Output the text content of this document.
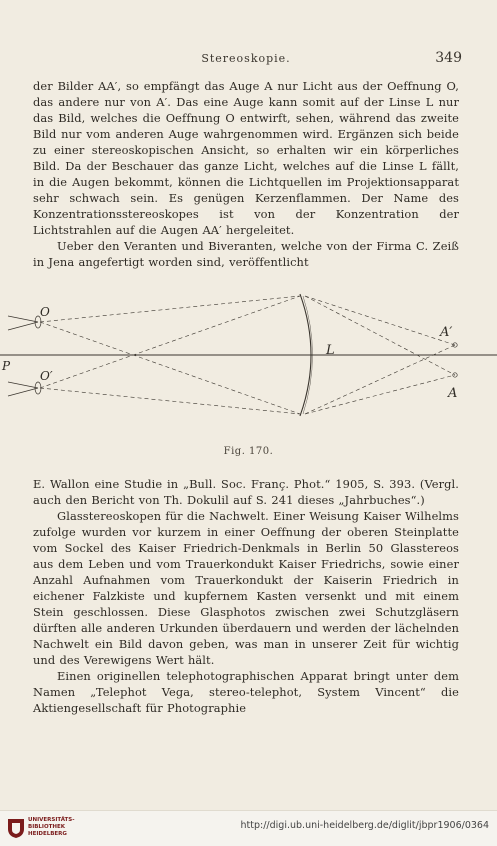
Stereoskopie.	349

der Bilder AA′, so empfängt das Auge A nur Licht aus der Oeffnung O, das andere nur von A′. Das eine Auge kann somit auf der Linse L nur das Bild, welches die Oeffnung O entwirft, sehen, während das zweite Bild nur vom anderen Auge wahrgenommen wird. Ergänzen sich beide zu einer stereoskopischen Ansicht, so erhalten wir ein körperliches Bild. Da der Beschauer das ganze Licht, welches auf die Linse L fällt, in die Augen bekommt, können die Lichtquellen im Projektionsapparat sehr schwach sein. Es genügen Kerzenflammen. Der Name des Konzentrationsstereoskopes ist von der Konzentration der Lichtstrahlen auf die Augen AA′ hergeleitet.

Ueber den Veranten und Biveranten, welche von der Firma C. Zeiß in Jena angefertigt worden sind, veröffentlicht

O
O′
P
L
A′
A
Fig. 170.

E. Wallon eine Studie in „Bull. Soc. Franç. Phot.“ 1905, S. 393. (Vergl. auch den Bericht von Th. Dokulil auf S. 241 dieses „Jahrbuches“.)

Glasstereoskopen für die Nachwelt. Einer Weisung Kaiser Wilhelms zufolge wurden vor kurzem in einer Oeffnung der oberen Steinplatte vom Sockel des Kaiser Friedrich-Denkmals in Berlin 50 Glasstereos aus dem Leben und vom Trauerkondukt Kaiser Friedrichs, sowie einer Anzahl Aufnahmen vom Trauerkondukt der Kaiserin Friedrich in eichener Falzkiste und kupfernem Kasten versenkt und mit einem Stein geschlossen. Diese Glasphotos zwischen zwei Schutzgläsern dürften alle anderen Urkunden überdauern und werden der lächelnden Nachwelt ein Bild davon geben, was man in unserer Zeit für wichtig und des Verewigens Wert hält.

Einen originellen telephotographischen Apparat bringt unter dem Namen „Telephot Vega, stereo-telephot, System Vincent“ die Aktiengesellschaft für Photographie

UNIVERSITÄTS-
BIBLIOTHEK
HEIDELBERG
http://digi.ub.uni-heidelberg.de/diglit/jbpr1906/0364
